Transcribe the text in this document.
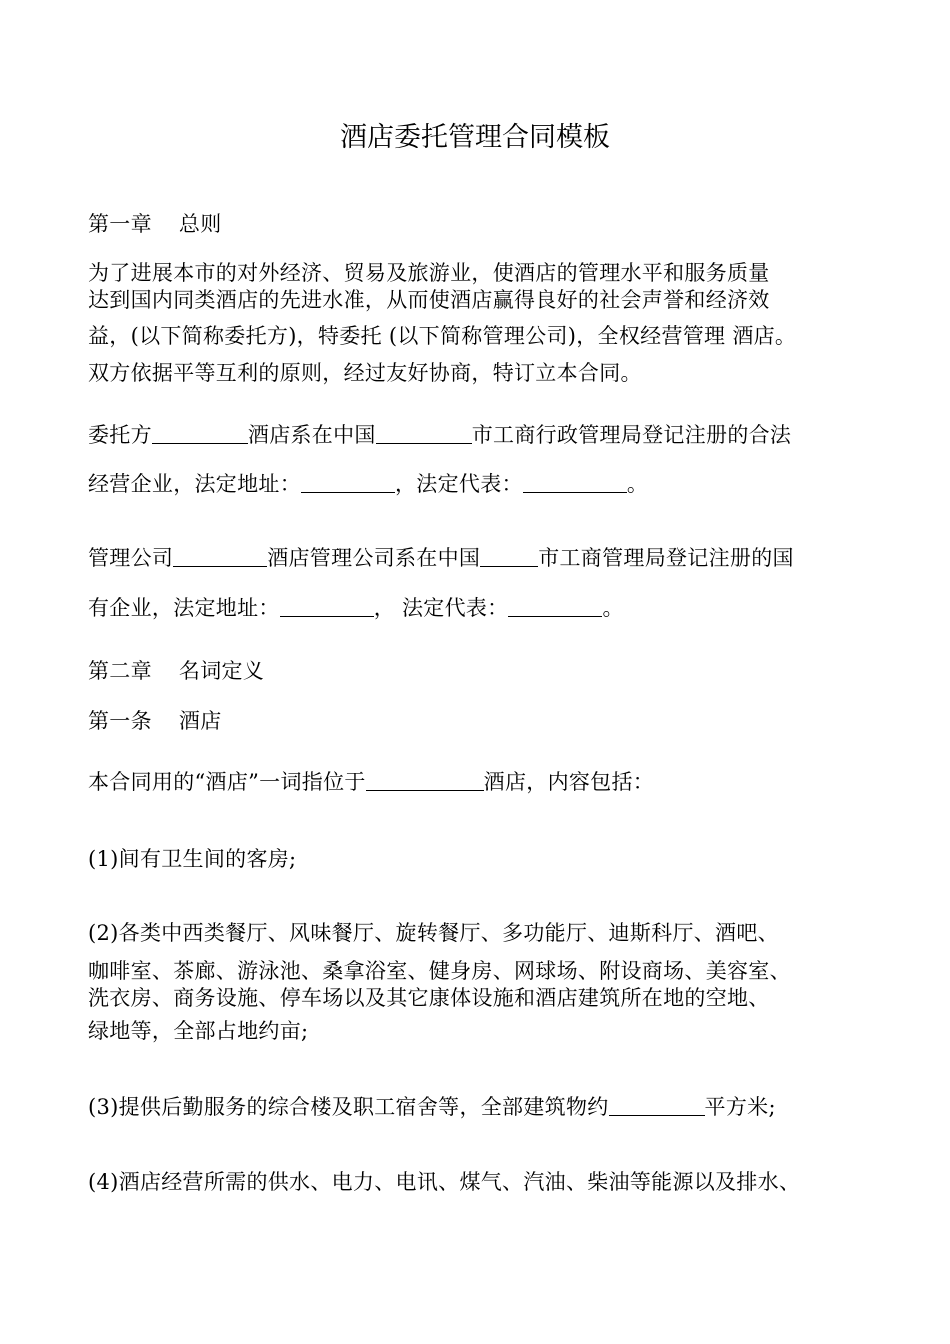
酒店委托管理合同模板
第一章 总则
为了进展本市的对外经济、贸易及旅游业，使酒店的管理水平和服务质量
达到国内同类酒店的先进水准，从而使酒店赢得良好的社会声誉和经济效
益，(以下简称委托方)，特委托 (以下简称管理公司)，全权经营管理 酒店。
双方依据平等互利的原则，经过友好协商，特订立本合同。
委托方	酒店系在中国	市工商行政管理局登记注册的合法
经营企业，法定地址：	，法定代表：	。
管理公司	酒店管理公司系在中国	市工商管理局登记注册的国
有企业，法定地址：	， 法定代表：	。
第二章 名词定义
第一条 酒店
本合同用的“酒店”一词指位于	酒店，内容包括：
(1)间有卫生间的客房;
(2)各类中西类餐厅、风味餐厅、旋转餐厅、多功能厅、迪斯科厅、酒吧、
咖啡室、茶廊、游泳池、桑拿浴室、健身房、网球场、附设商场、美容室、
洗衣房、商务设施、停车场以及其它康体设施和酒店建筑所在地的空地、
绿地等，全部占地约亩;
(3)提供后勤服务的综合楼及职工宿舍等，全部建筑物约	平方米;
(4)酒店经营所需的供水、电力、电讯、煤气、汽油、柴油等能源以及排水、
